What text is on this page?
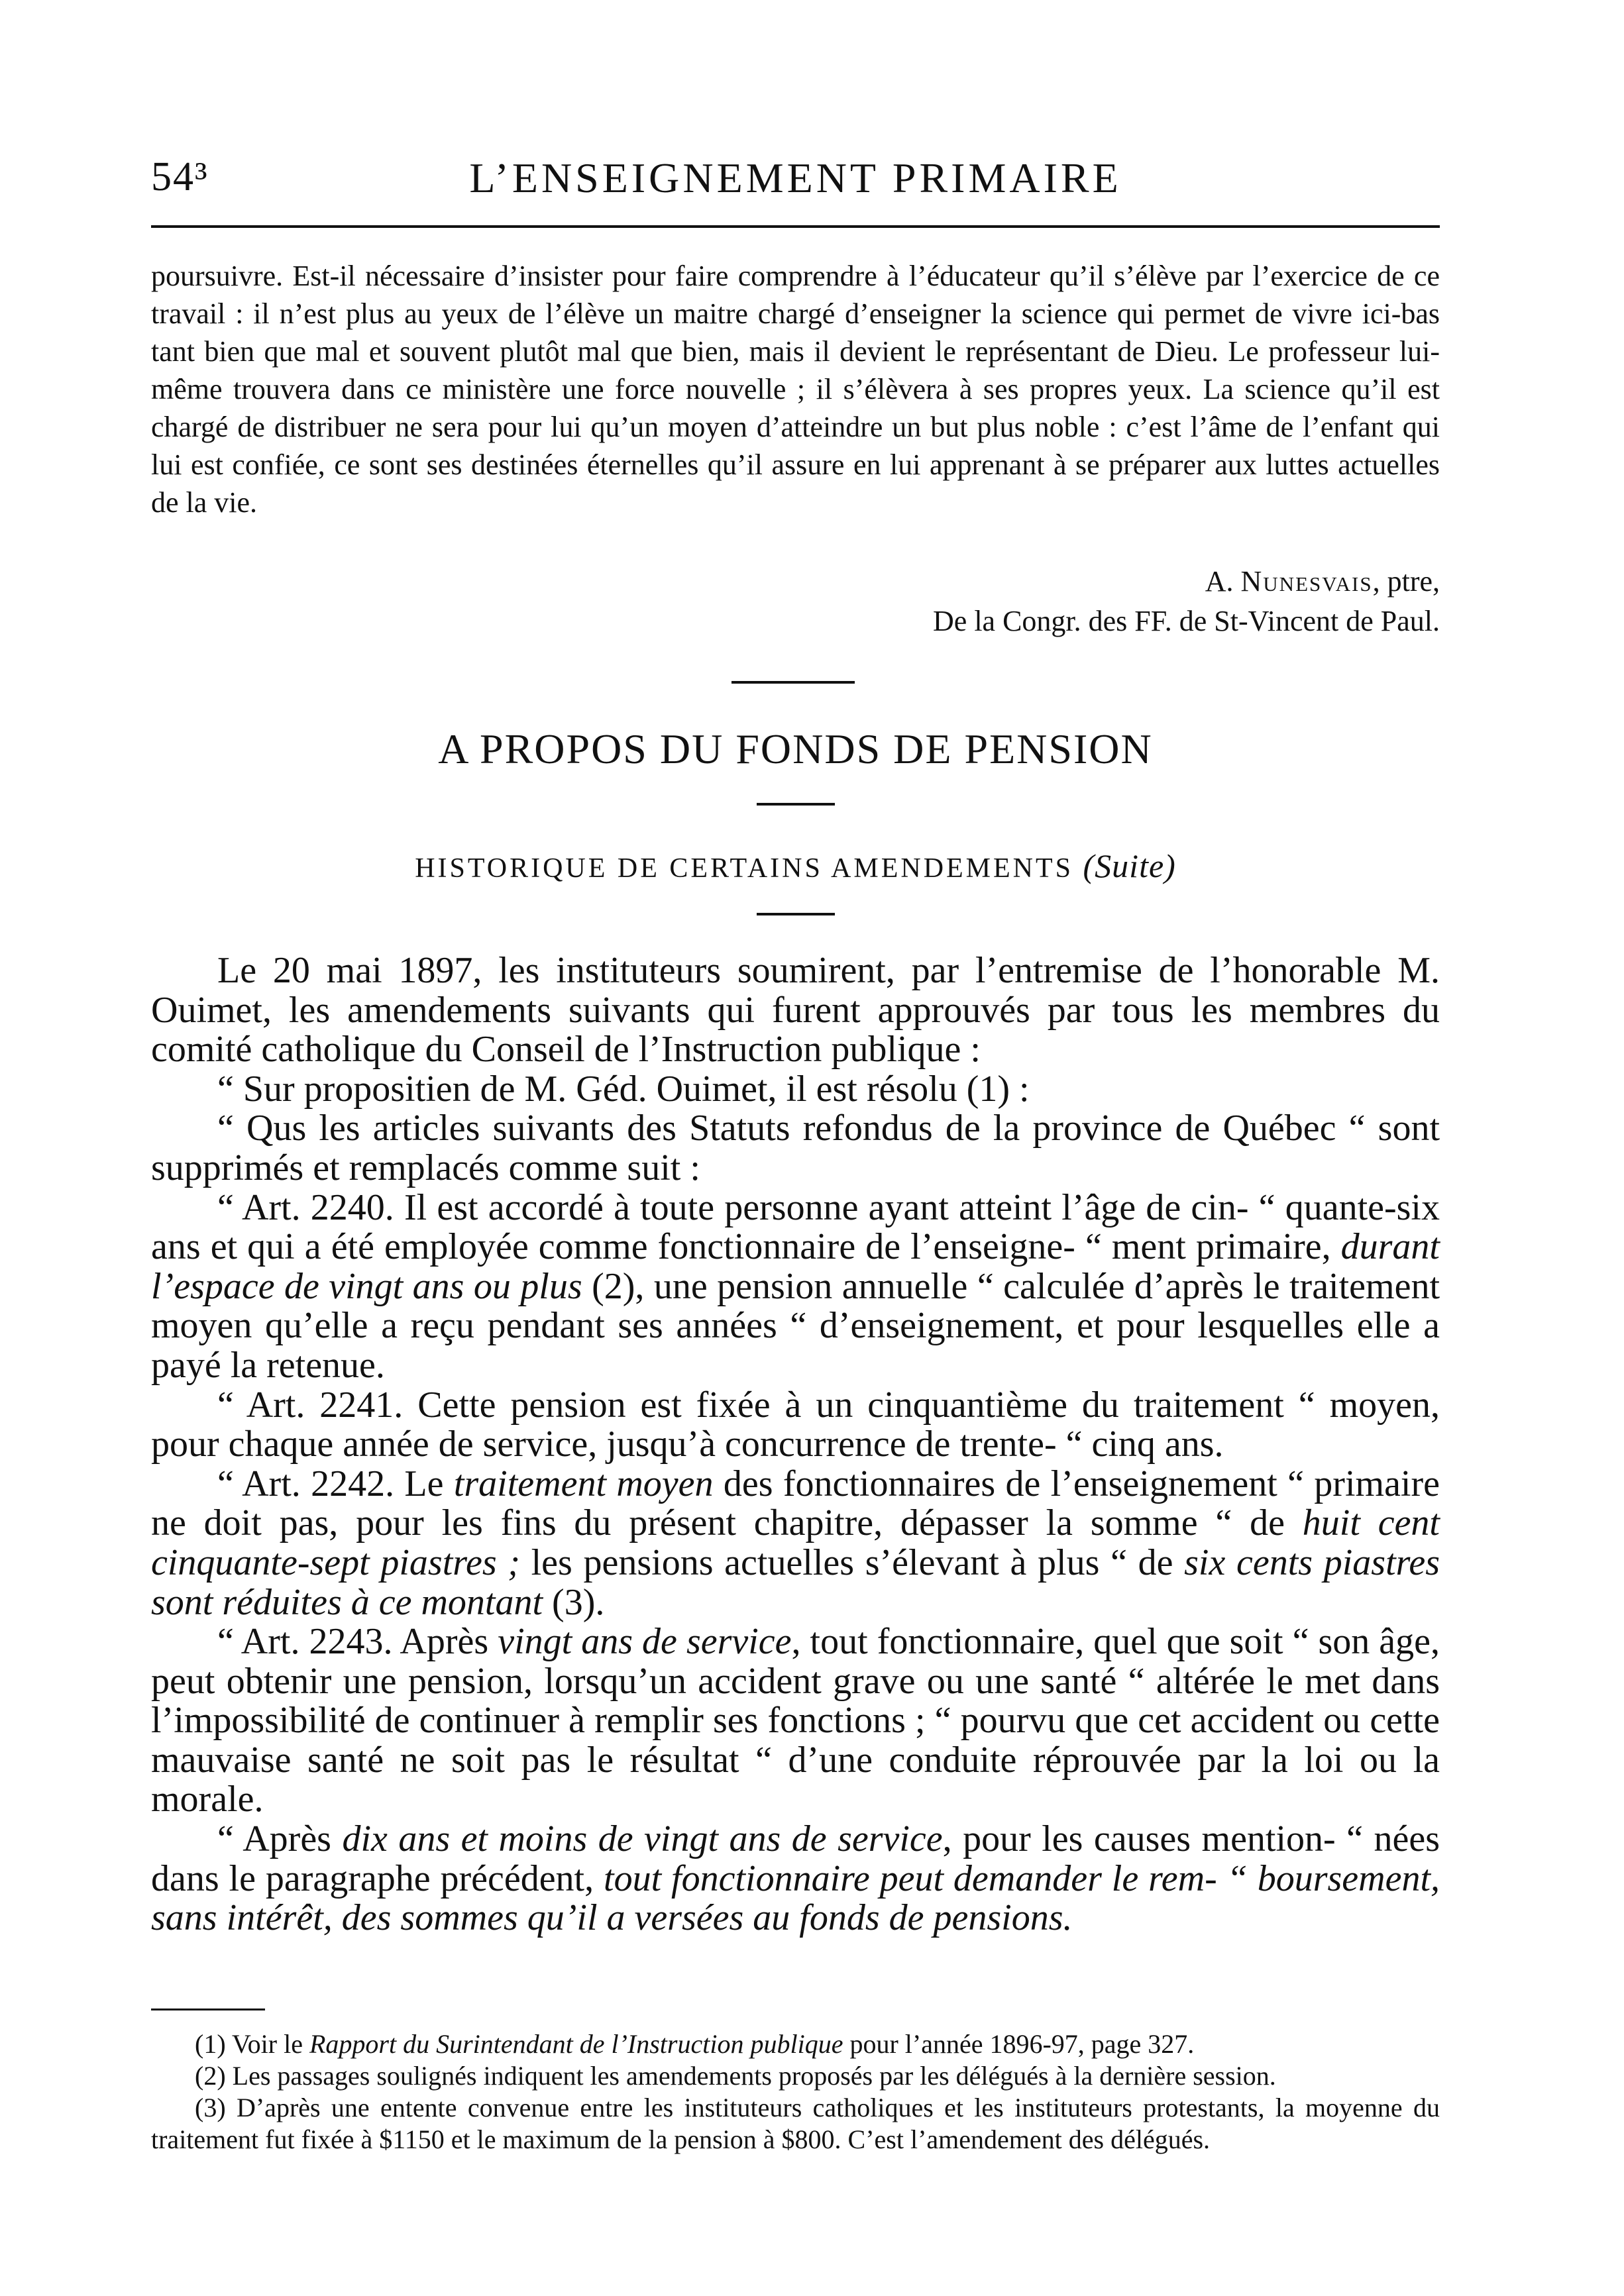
54³	L’ENSEIGNEMENT PRIMAIRE

poursuivre. Est-il nécessaire d’insister pour faire comprendre à l’éducateur qu’il s’élève par l’exercice de ce travail : il n’est plus au yeux de l’élève un maitre chargé d’enseigner la science qui permet de vivre ici-bas tant bien que mal et souvent plutôt mal que bien, mais il devient le représentant de Dieu. Le professeur lui-même trouvera dans ce ministère une force nouvelle ; il s’élèvera à ses propres yeux. La science qu’il est chargé de distribuer ne sera pour lui qu’un moyen d’atteindre un but plus noble : c’est l’âme de l’enfant qui lui est confiée, ce sont ses destinées éternelles qu’il assure en lui apprenant à se préparer aux luttes actuelles de la vie.

A. Nunesvais, ptre,
De la Congr. des FF. de St-Vincent de Paul.
A PROPOS DU FONDS DE PENSION
HISTORIQUE DE CERTAINS AMENDEMENTS (Suite)

Le 20 mai 1897, les instituteurs soumirent, par l’entremise de l’honorable M. Ouimet, les amendements suivants qui furent approuvés par tous les membres du comité catholique du Conseil de l’Instruction publique :

“ Sur propositien de M. Géd. Ouimet, il est résolu (1) :

“ Qus les articles suivants des Statuts refondus de la province de Québec “ sont supprimés et remplacés comme suit :

“ Art. 2240. Il est accordé à toute personne ayant atteint l’âge de cin- “ quante-six ans et qui a été employée comme fonctionnaire de l’enseigne- “ ment primaire, durant l’espace de vingt ans ou plus (2), une pension annuelle “ calculée d’après le traitement moyen qu’elle a reçu pendant ses années “ d’enseignement, et pour lesquelles elle a payé la retenue.

“ Art. 2241. Cette pension est fixée à un cinquantième du traitement “ moyen, pour chaque année de service, jusqu’à concurrence de trente- “ cinq ans.

“ Art. 2242. Le traitement moyen des fonctionnaires de l’enseignement “ primaire ne doit pas, pour les fins du présent chapitre, dépasser la somme “ de huit cent cinquante-sept piastres ; les pensions actuelles s’élevant à plus “ de six cents piastres sont réduites à ce montant (3).

“ Art. 2243. Après vingt ans de service, tout fonctionnaire, quel que soit “ son âge, peut obtenir une pension, lorsqu’un accident grave ou une santé “ altérée le met dans l’impossibilité de continuer à remplir ses fonctions ; “ pourvu que cet accident ou cette mauvaise santé ne soit pas le résultat “ d’une conduite réprouvée par la loi ou la morale.

“ Après dix ans et moins de vingt ans de service, pour les causes mention- “ nées dans le paragraphe précédent, tout fonctionnaire peut demander le rem- “ boursement, sans intérêt, des sommes qu’il a versées au fonds de pensions.

(1) Voir le Rapport du Surintendant de l’Instruction publique pour l’année 1896-97, page 327.

(2) Les passages soulignés indiquent les amendements proposés par les délégués à la dernière session.

(3) D’après une entente convenue entre les instituteurs catholiques et les instituteurs protestants, la moyenne du traitement fut fixée à $1150 et le maximum de la pension à $800. C’est l’amendement des délégués.
